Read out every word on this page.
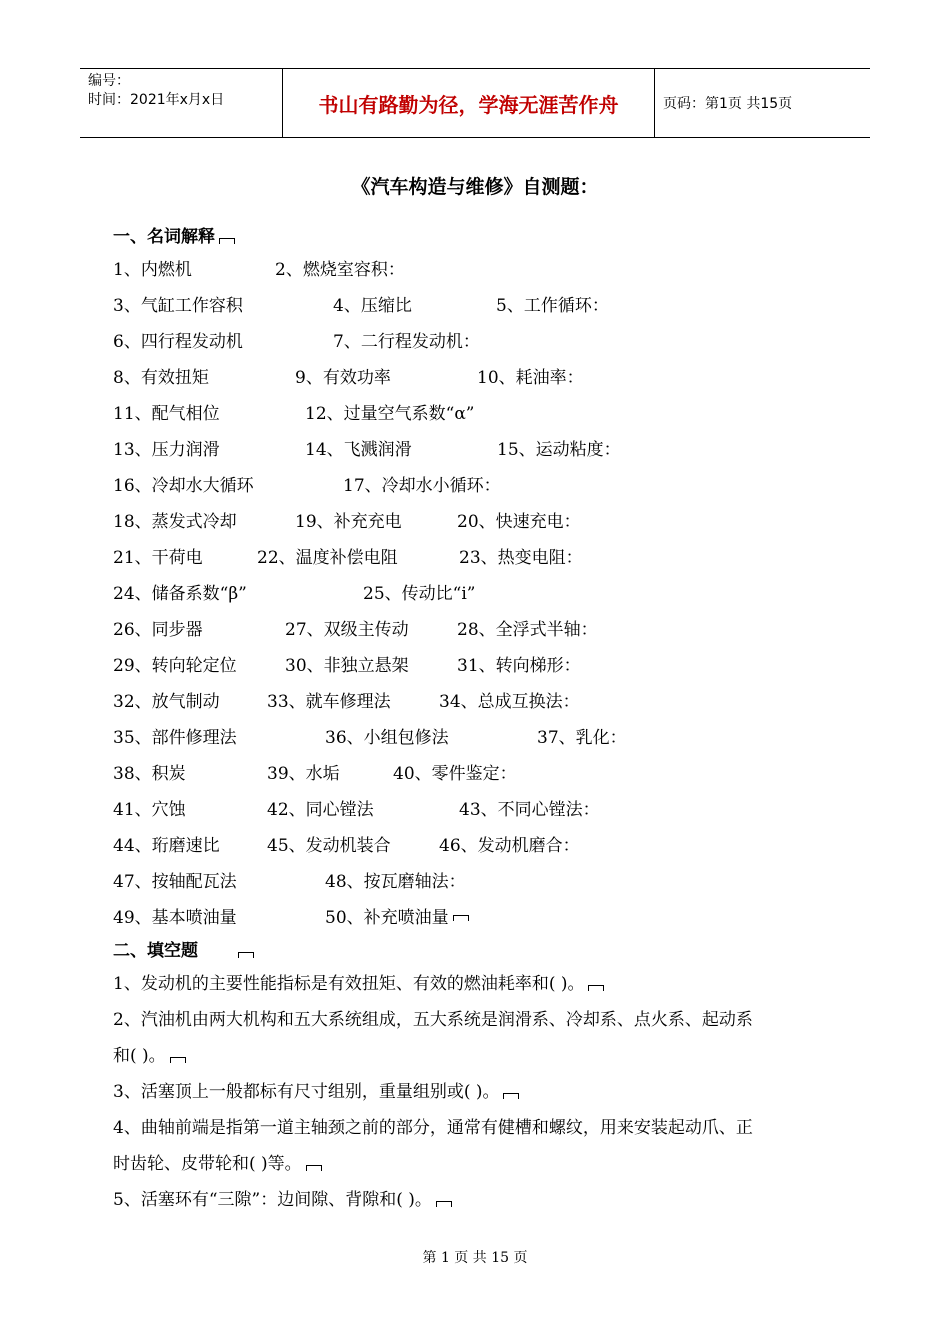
编号：
时间：2021年x月x日	书山有路勤为径，学海无涯苦作舟	页码：第1页 共15页
《汽车构造与维修》自测题：
一、名词解释
1、内燃机	2、燃烧室容积：
3、气缸工作容积	4、压缩比	5、工作循环：
6、四行程发动机	7、二行程发动机：
8、有效扭矩	9、有效功率	10、耗油率：
11、配气相位	12、过量空气系数“α”
13、压力润滑	14、飞溅润滑	15、运动粘度：
16、冷却水大循环	17、冷却水小循环：
18、蒸发式冷却	19、补充充电	20、快速充电：
21、干荷电	22、温度补偿电阻	23、热变电阻：
24、储备系数“β”	25、传动比“i”
26、同步器	27、双级主传动	28、全浮式半轴：
29、转向轮定位	30、非独立悬架	31、转向梯形：
32、放气制动	33、就车修理法	34、总成互换法：
35、部件修理法	36、小组包修法	37、乳化：
38、积炭	39、水垢	40、零件鉴定：
41、穴蚀	42、同心镗法	43、不同心镗法：
44、珩磨速比	45、发动机装合	46、发动机磨合：
47、按轴配瓦法	48、按瓦磨轴法：
49、基本喷油量	50、补充喷油量
二、填空题
1、发动机的主要性能指标是有效扭矩、有效的燃油耗率和( )。
2、汽油机由两大机构和五大系统组成，五大系统是润滑系、冷却系、点火系、起动系
和( )。
3、活塞顶上一般都标有尺寸组别，重量组别或( )。
4、曲轴前端是指第一道主轴颈之前的部分，通常有健槽和螺纹，用来安装起动爪、正
时齿轮、皮带轮和( )等。
5、活塞环有“三隙”：边间隙、背隙和( )。
第 1 页 共 15 页
